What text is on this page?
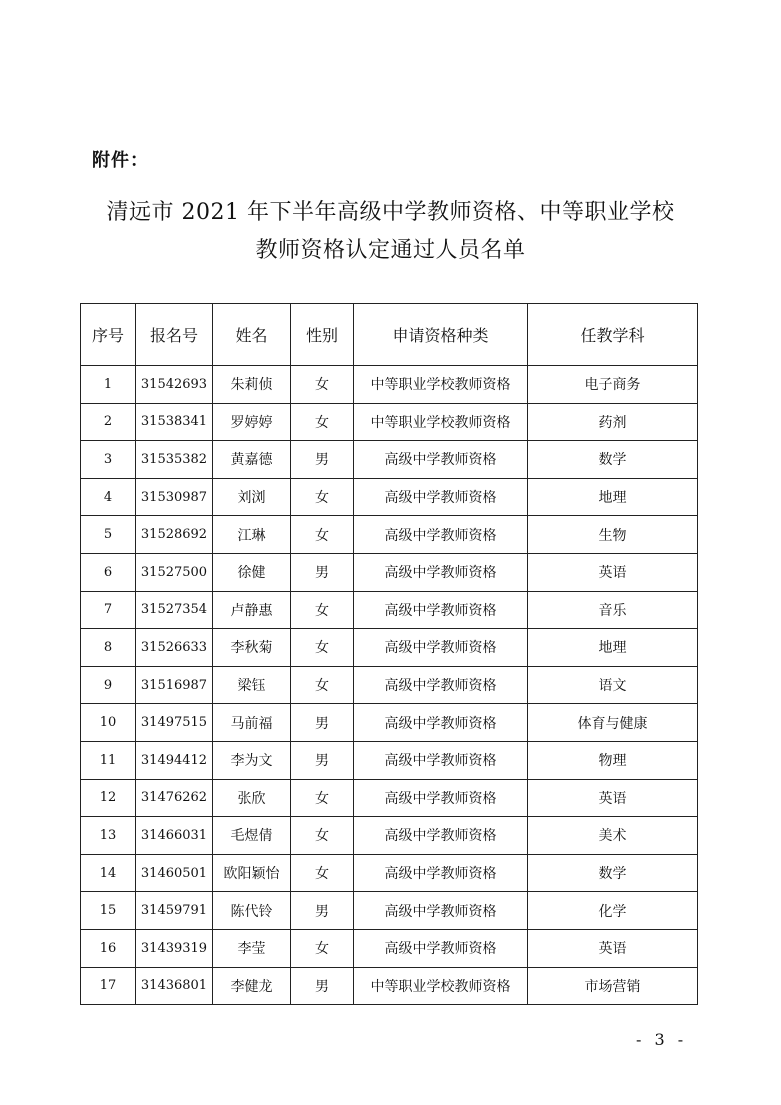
附件：
清远市 2021 年下半年高级中学教师资格、中等职业学校
教师资格认定通过人员名单
序号	报名号	姓名	性别	申请资格种类	任教学科
1	31542693	朱莉侦	女	中等职业学校教师资格	电子商务
2	31538341	罗婷婷	女	中等职业学校教师资格	药剂
3	31535382	黄嘉德	男	高级中学教师资格	数学
4	31530987	刘浏	女	高级中学教师资格	地理
5	31528692	江琳	女	高级中学教师资格	生物
6	31527500	徐健	男	高级中学教师资格	英语
7	31527354	卢静惠	女	高级中学教师资格	音乐
8	31526633	李秋菊	女	高级中学教师资格	地理
9	31516987	梁钰	女	高级中学教师资格	语文
10	31497515	马前福	男	高级中学教师资格	体育与健康
11	31494412	李为文	男	高级中学教师资格	物理
12	31476262	张欣	女	高级中学教师资格	英语
13	31466031	毛煜倩	女	高级中学教师资格	美术
14	31460501	欧阳颖怡	女	高级中学教师资格	数学
15	31459791	陈代铃	男	高级中学教师资格	化学
16	31439319	李莹	女	高级中学教师资格	英语
17	31436801	李健龙	男	中等职业学校教师资格	市场营销
- 3 -
